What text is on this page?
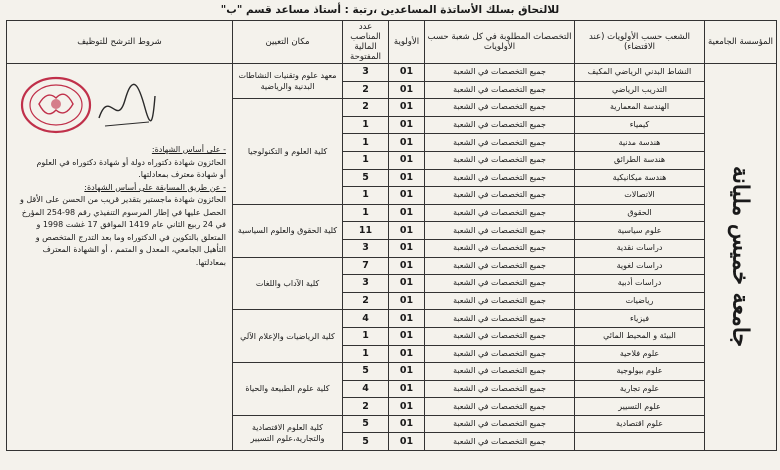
للالتحاق بسلك الأساتذة المساعدين ،رتبة : أستاذ مساعد قسم "ب"
المؤسسة الجامعية	الشعب حسب الأولويات (عند الاقتضاء)	التخصصات المطلوبة في كل شعبة حسب الأولويات	الأولوية	عدد المناصب المالية المفتوحة	مكان التعيين	شروط الترشح للتوظيف
جامعة خميس مليانة	النشاط البدني الرياضي المكيف	جميع التخصصات في الشعبة	01	3	معهد علوم وتقنيات النشاطات البدنية والرياضية	- على أساس الشهادة:

الحائزون شهادة دكتوراه دولة أو شهادة دكتوراه في العلوم

أو شهادة معترف بمعادلتها.

- عن طريق المسابقة على أساس الشهادة:

الحائزون شهادة ماجستير بتقدير قريب من الحسن على الأقل و الحصل عليها في إطار المرسوم التنفيذي رقم 98-254 المؤرخ في 24 ربيع الثاني عام 1419 الموافق 17 غشت 1998 و المتعلق بالتكوين في الدكتوراه وما بعد التدرج المتخصص و التأهيل الجامعي، المعدل و المتمم ، أو الشهادة المعترف بمعادلتها.

	التدريب الرياضي	جميع التخصصات في الشعبة	01	2		
	الهندسة المعمارية	جميع التخصصات في الشعبة	01	2	كلية العلوم و التكنولوجيا	
	كيمياء	جميع التخصصات في الشعبة	01	1		
	هندسة مدنية	جميع التخصصات في الشعبة	01	1		
	هندسة الطرائق	جميع التخصصات في الشعبة	01	1		
	هندسة ميكانيكية	جميع التخصصات في الشعبة	01	5		
	الاتصالات	جميع التخصصات في الشعبة	01	1		
	الحقوق	جميع التخصصات في الشعبة	01	1	كلية الحقوق والعلوم السياسية	
	علوم سياسية	جميع التخصصات في الشعبة	01	11		
	دراسات نقدية	جميع التخصصات في الشعبة	01	3		
	دراسات لغوية	جميع التخصصات في الشعبة	01	7	كلية الآداب واللغات	
	دراسات أدبية	جميع التخصصات في الشعبة	01	3		
	رياضيات	جميع التخصصات في الشعبة	01	2		
	فيزياء	جميع التخصصات في الشعبة	01	4	كلية الرياضيات والإعلام الآلي	
	البيئة و المحيط المائي	جميع التخصصات في الشعبة	01	1		
	علوم فلاحية	جميع التخصصات في الشعبة	01	1		
	علوم بيولوجية	جميع التخصصات في الشعبة	01	5	كلية علوم الطبيعة والحياة	
	علوم تجارية	جميع التخصصات في الشعبة	01	4		
	علوم التسيير	جميع التخصصات في الشعبة	01	2		
	علوم اقتصادية	جميع التخصصات في الشعبة	01	5	كلية العلوم الاقتصادية والتجارية،علوم التسيير	
		جميع التخصصات في الشعبة	01	5		
